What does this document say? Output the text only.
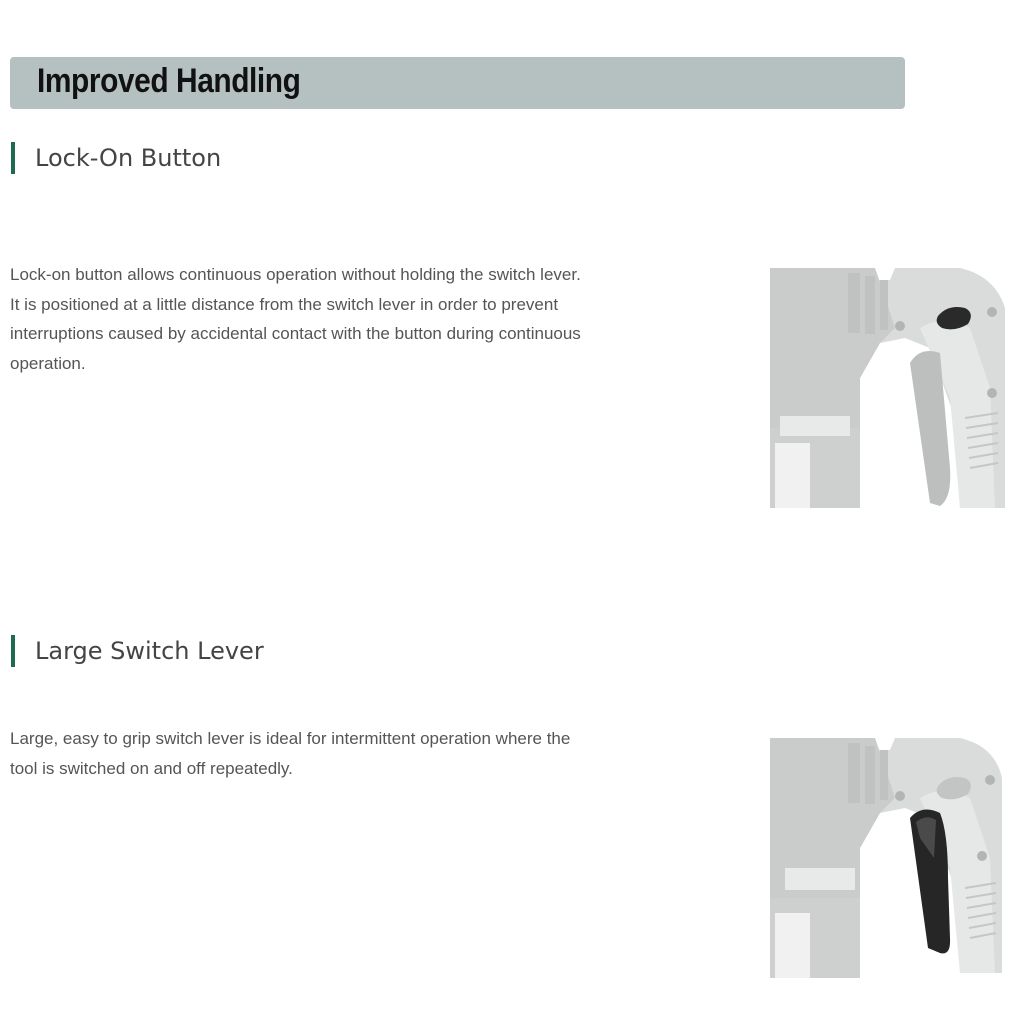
Improved Handling
Lock-On Button

Lock-on button allows continuous operation without holding the switch lever.

It is positioned at a little distance from the switch lever in order to prevent

interruptions caused by accidental contact with the button during continuous

operation.

Large Switch Lever

Large, easy to grip switch lever is ideal for intermittent operation where the

tool is switched on and off repeatedly.
